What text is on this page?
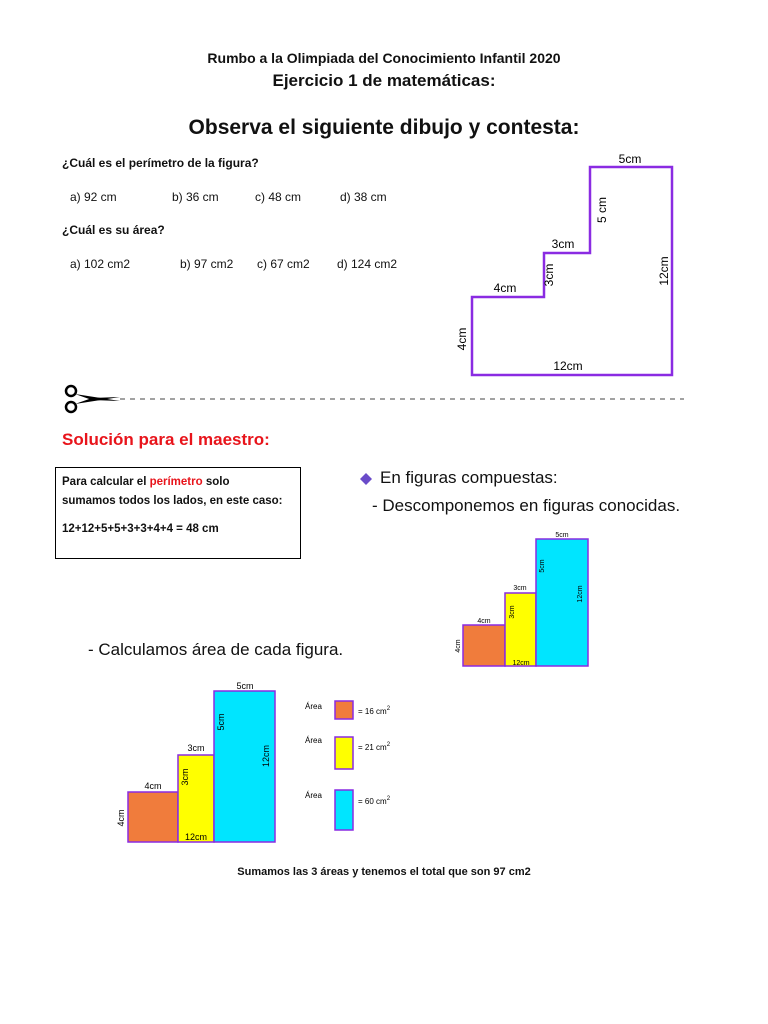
Rumbo a la Olimpiada del Conocimiento Infantil 2020
Ejercicio 1 de matemáticas:
Observa el siguiente dibujo y contesta:
¿Cuál es el perímetro de la figura?
a) 92 cm	b) 36 cm	c) 48 cm	d) 38 cm
¿Cuál es su área?
a) 102 cm2	b) 97 cm2 c) 67 cm2 d) 124 cm2
5cm
12cm
5 cm
3cm
3cm
4cm
4cm
12cm
Solución para el maestro:
Para calcular el perímetro solo
sumamos todos los lados, en este caso:
12+12+5+5+3+3+4+4 = 48 cm
En figuras compuestas:
- Descomponemos en figuras conocidas.
5cm
5cm
12cm
3cm
3cm
4cm
4cm
12cm
- Calculamos área de cada figura.
5cm
5cm
12cm
3cm
3cm
4cm
4cm
12cm
Área
= 16 $cm^2$
Área
= 21 $cm^2$
Área
= 60 $cm^2$
Sumamos las 3 áreas y tenemos el total que son 97 cm2
